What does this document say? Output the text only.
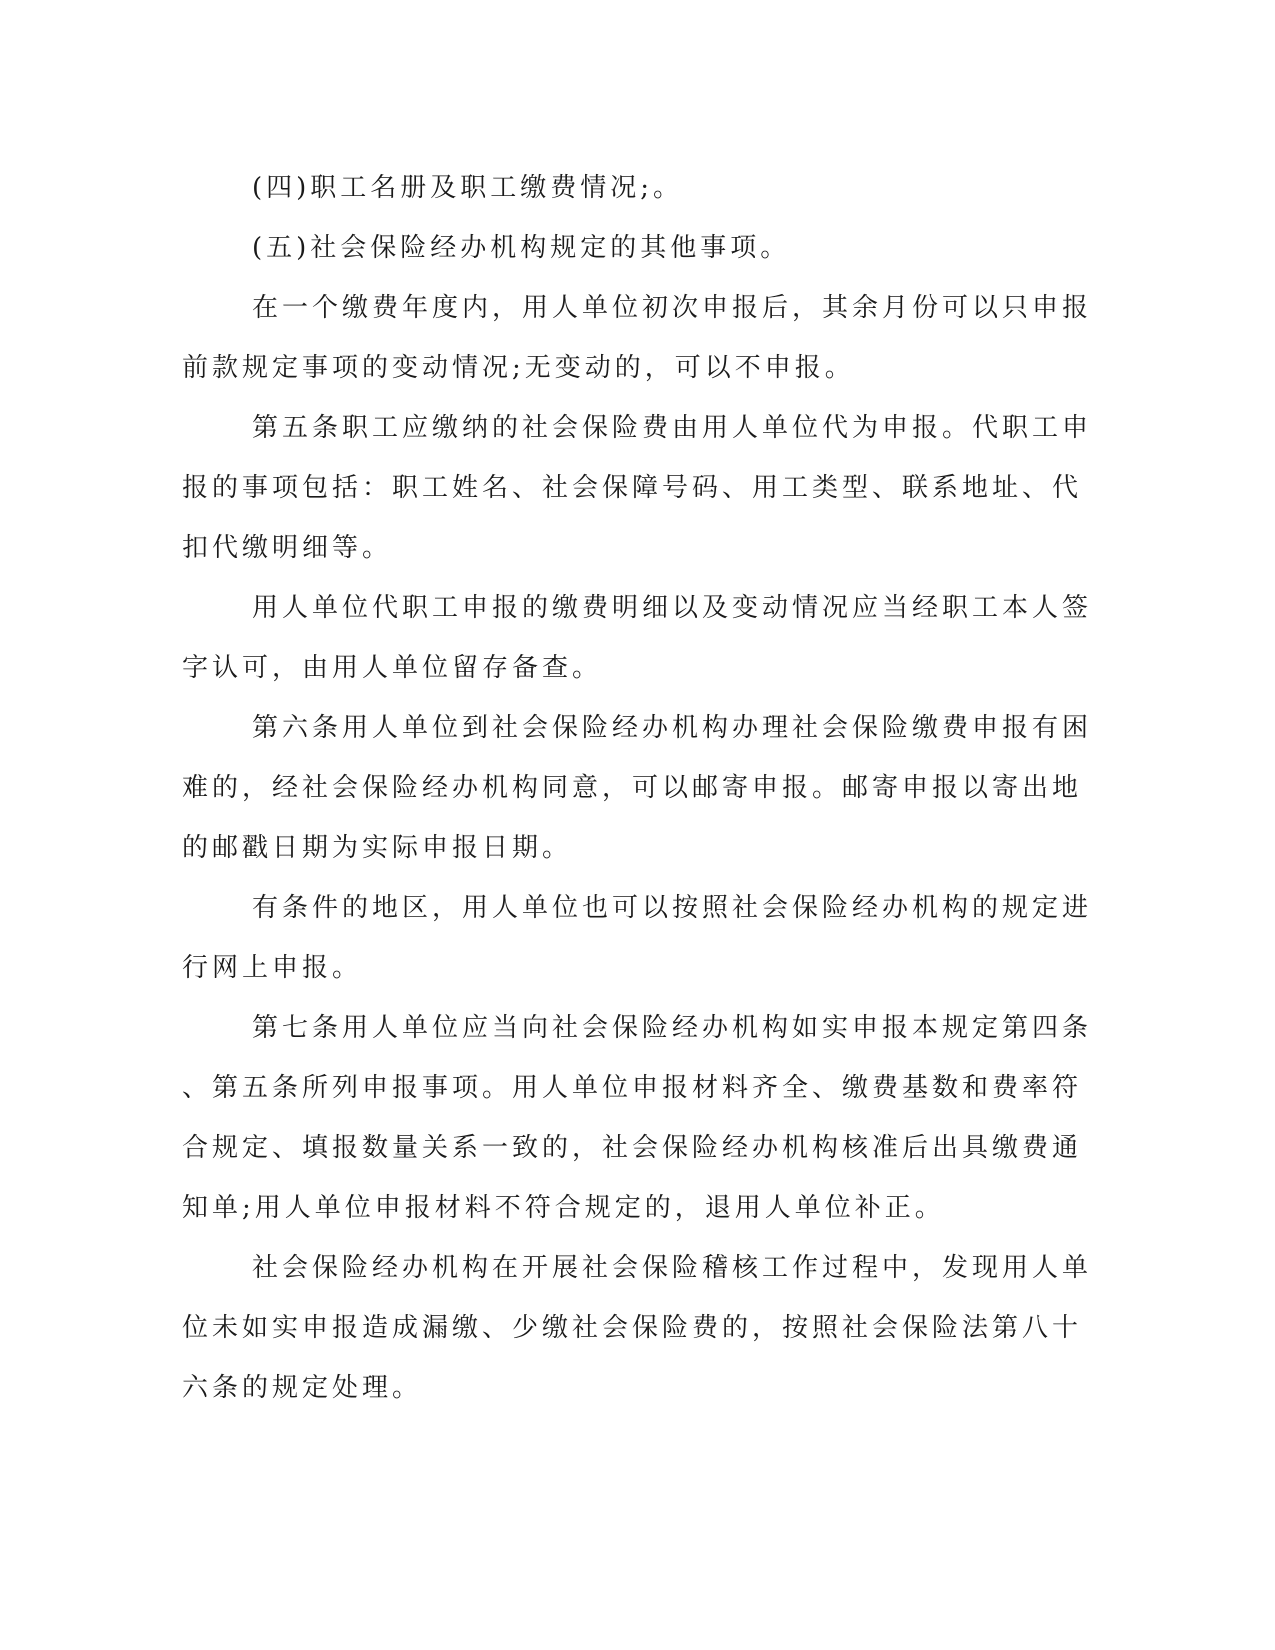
(四)职工名册及职工缴费情况;。
(五)社会保险经办机构规定的其他事项。
在一个缴费年度内，用人单位初次申报后，其余月份可以只申报
前款规定事项的变动情况;无变动的，可以不申报。
第五条职工应缴纳的社会保险费由用人单位代为申报。代职工申
报的事项包括：职工姓名、社会保障号码、用工类型、联系地址、代
扣代缴明细等。
用人单位代职工申报的缴费明细以及变动情况应当经职工本人签
字认可，由用人单位留存备查。
第六条用人单位到社会保险经办机构办理社会保险缴费申报有困
难的，经社会保险经办机构同意，可以邮寄申报。邮寄申报以寄出地
的邮戳日期为实际申报日期。
有条件的地区，用人单位也可以按照社会保险经办机构的规定进
行网上申报。
第七条用人单位应当向社会保险经办机构如实申报本规定第四条
、第五条所列申报事项。用人单位申报材料齐全、缴费基数和费率符
合规定、填报数量关系一致的，社会保险经办机构核准后出具缴费通
知单;用人单位申报材料不符合规定的，退用人单位补正。
社会保险经办机构在开展社会保险稽核工作过程中，发现用人单
位未如实申报造成漏缴、少缴社会保险费的，按照社会保险法第八十
六条的规定处理。
